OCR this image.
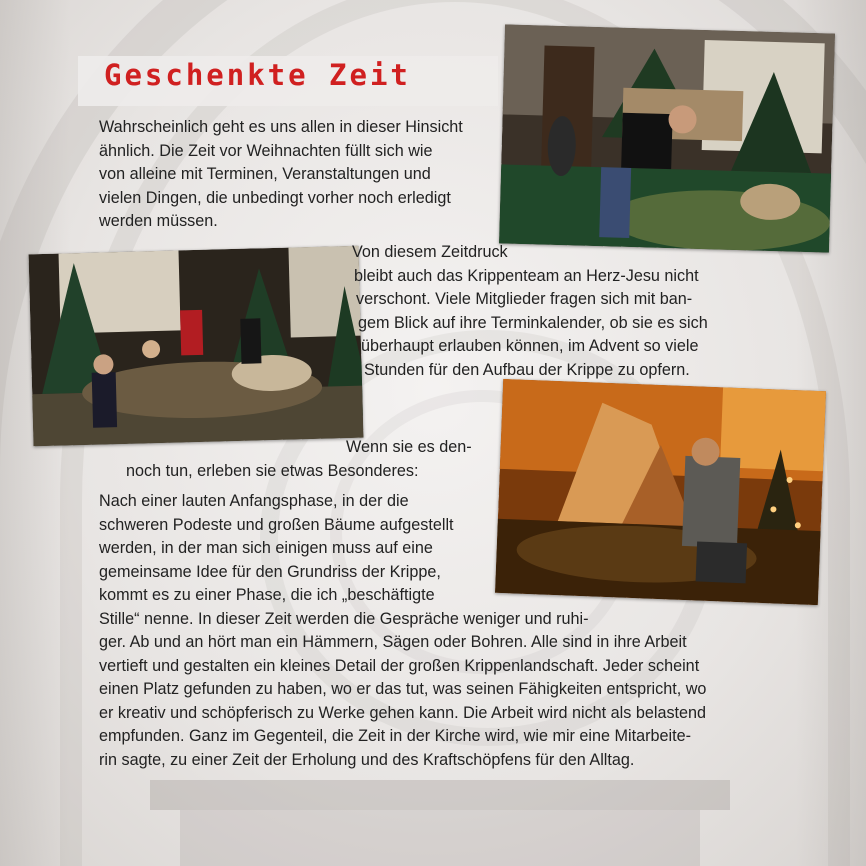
Geschenkte Zeit

Wahrscheinlich geht es uns allen in dieser Hinsicht

ähnlich. Die Zeit vor Weihnachten füllt sich wie

von alleine mit Terminen, Veranstaltungen und

vielen Dingen, die unbedingt vorher noch erledigt

werden müssen.

Von diesem Zeitdruck

bleibt auch das Krippenteam an Herz-Jesu nicht

verschont. Viele Mitglieder fragen sich mit ban-

gem Blick auf ihre Terminkalender, ob sie es sich

überhaupt erlauben können, im Advent so viele

Stunden für den Aufbau der Krippe zu opfern.

Wenn sie es den-

noch tun, erleben sie etwas Besonderes:

Nach einer lauten Anfangsphase, in der die

schweren Podeste und großen Bäume aufgestellt

werden, in der man sich einigen muss auf eine

gemeinsame Idee für den Grundriss der Krippe,

kommt es zu einer Phase, die ich „beschäftigte

Stille“ nenne. In dieser Zeit werden die Gespräche weniger und ruhi-

ger. Ab und an hört man ein Hämmern, Sägen oder Bohren. Alle sind in ihre Arbeit

vertieft und gestalten ein kleines Detail der großen Krippenlandschaft. Jeder scheint

einen Platz gefunden zu haben, wo er das tut, was seinen Fähigkeiten entspricht, wo

er kreativ und schöpferisch zu Werke gehen kann. Die Arbeit wird nicht als belastend

empfunden. Ganz im Gegenteil, die Zeit in der Kirche wird, wie mir eine Mitarbeite-

rin sagte, zu einer Zeit der Erholung und des Kraftschöpfens für den Alltag.
